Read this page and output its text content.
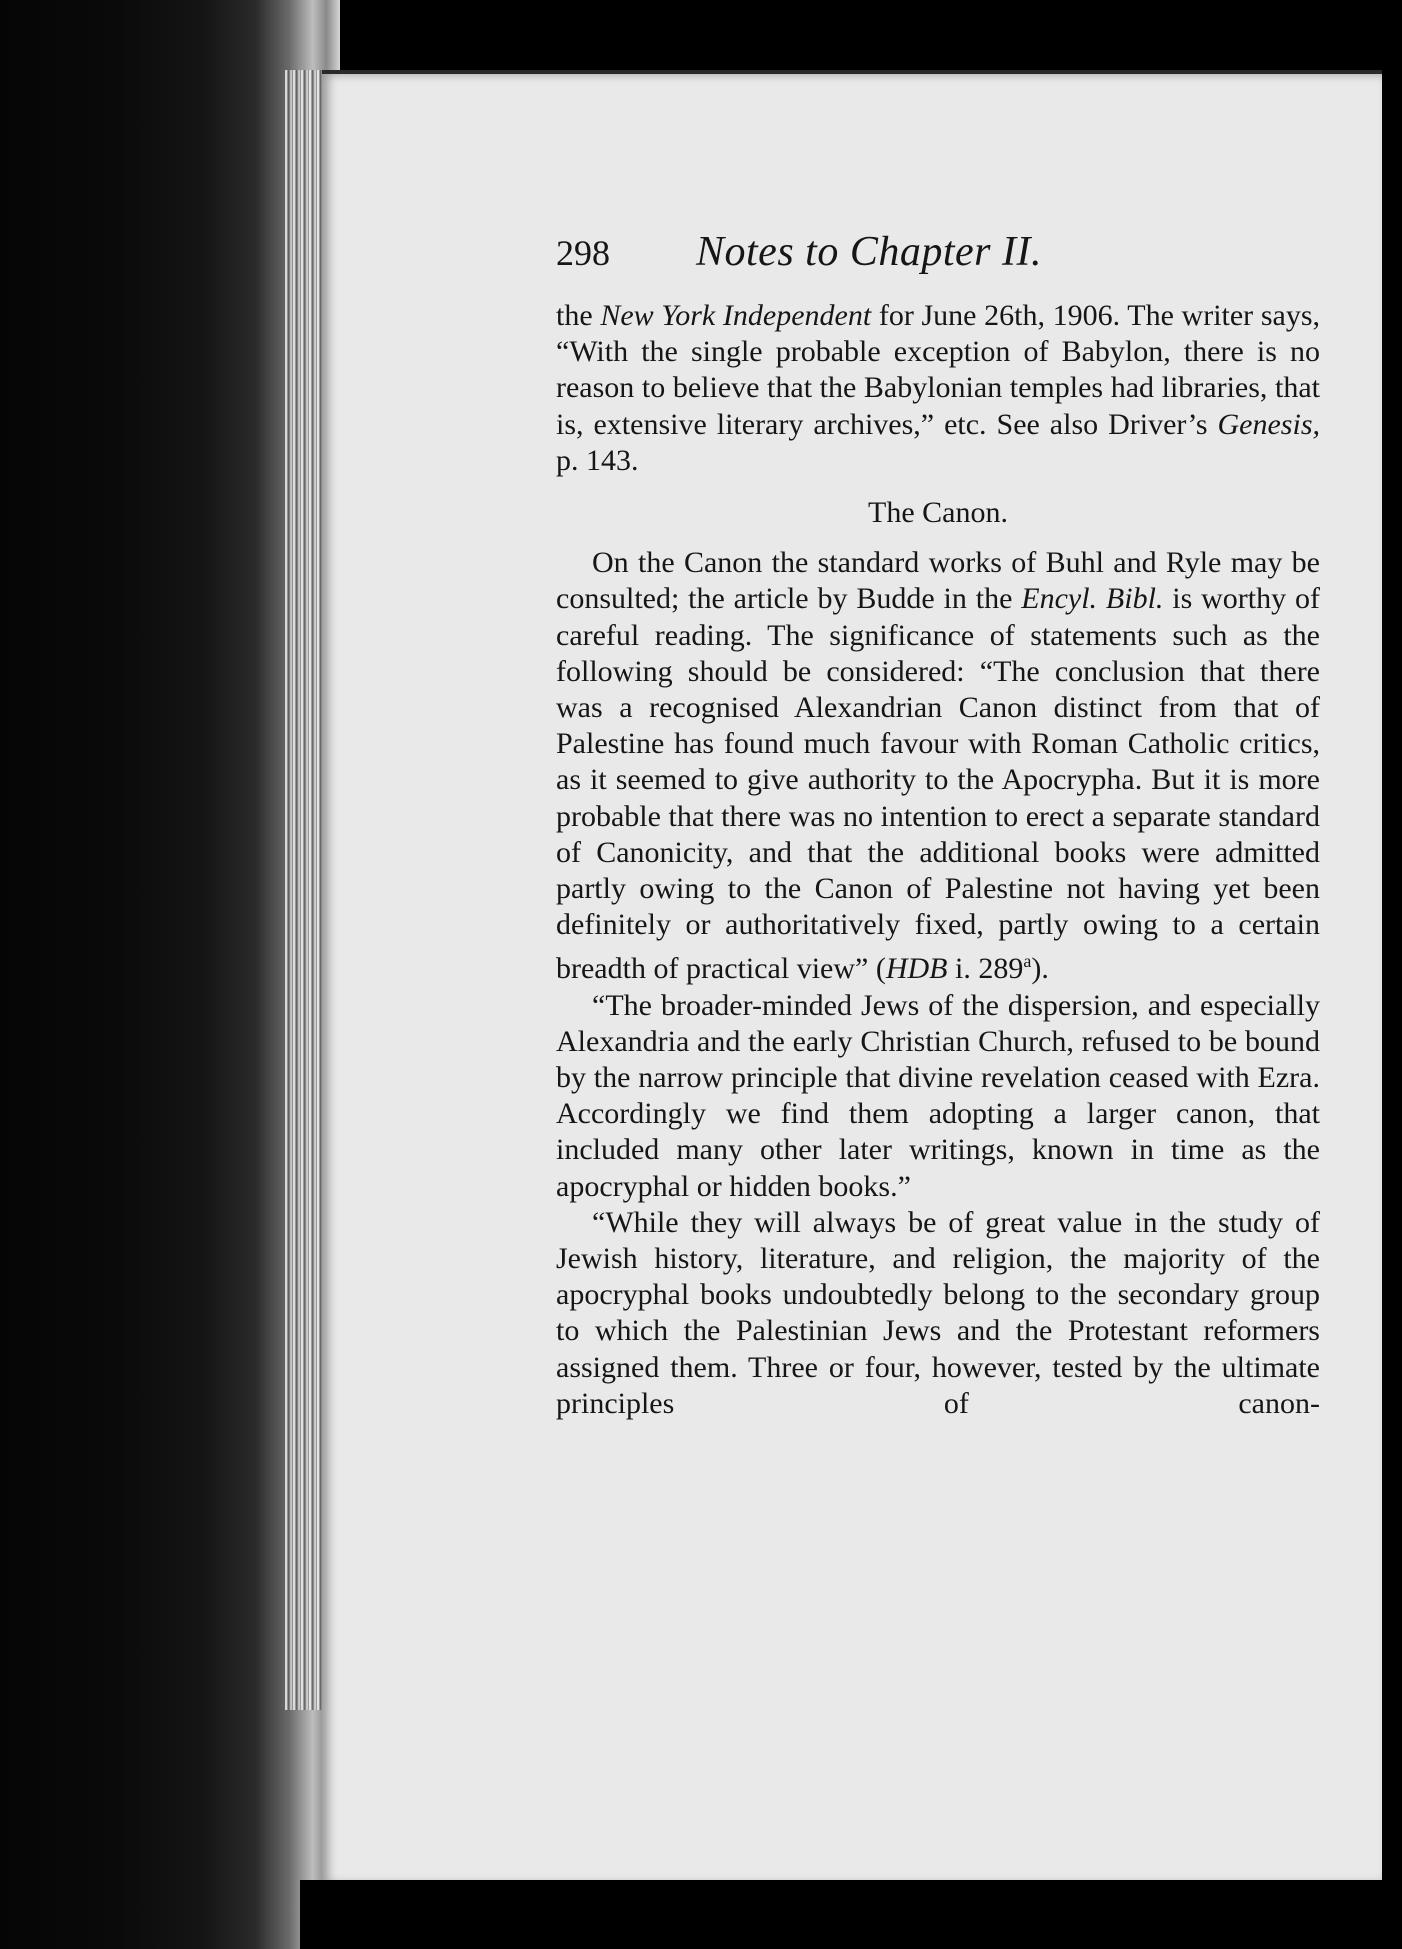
298	Notes to Chapter II.

the New York Independent for June 26th, 1906. The writer says, “With the single probable exception of Babylon, there is no reason to believe that the Babylonian temples had libraries, that is, extensive literary archives,” etc. See also Driver’s Genesis, p. 143.

The Canon.

On the Canon the standard works of Buhl and Ryle may be consulted; the article by Budde in the Encyl. Bibl. is worthy of careful reading. The significance of statements such as the following should be considered: “The conclusion that there was a recognised Alexandrian Canon distinct from that of Palestine has found much favour with Roman Catholic critics, as it seemed to give authority to the Apocrypha. But it is more probable that there was no intention to erect a separate standard of Canonicity, and that the additional books were admitted partly owing to the Canon of Palestine not having yet been definitely or authoritatively fixed, partly owing to a certain breadth of practical view” (HDB i. 289$^a$).

“The broader-minded Jews of the dispersion, and especially Alexandria and the early Christian Church, refused to be bound by the narrow principle that divine revelation ceased with Ezra. Accordingly we find them adopting a larger canon, that included many other later writings, known in time as the apocryphal or hidden books.”

“While they will always be of great value in the study of Jewish history, literature, and religion, the majority of the apocryphal books undoubtedly belong to the secondary group to which the Palestinian Jews and the Protestant reformers assigned them. Three or four, however, tested by the ultimate principles of canon-
